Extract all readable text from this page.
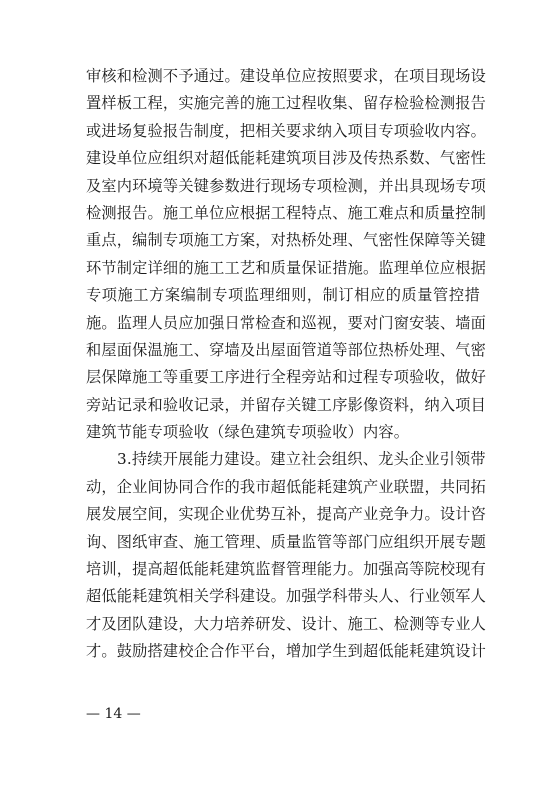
审核和检测不予通过。建设单位应按照要求，在项目现场设
置样板工程，实施完善的施工过程收集、留存检验检测报告
或进场复验报告制度，把相关要求纳入项目专项验收内容。
建设单位应组织对超低能耗建筑项目涉及传热系数、气密性
及室内环境等关键参数进行现场专项检测，并出具现场专项
检测报告。施工单位应根据工程特点、施工难点和质量控制
重点，编制专项施工方案，对热桥处理、气密性保障等关键
环节制定详细的施工工艺和质量保证措施。监理单位应根据
专项施工方案编制专项监理细则，制订相应的质量管控措
施。监理人员应加强日常检查和巡视，要对门窗安装、墙面
和屋面保温施工、穿墙及出屋面管道等部位热桥处理、气密
层保障施工等重要工序进行全程旁站和过程专项验收，做好
旁站记录和验收记录，并留存关键工序影像资料，纳入项目
建筑节能专项验收（绿色建筑专项验收）内容。
3.持续开展能力建设。建立社会组织、龙头企业引领带
动，企业间协同合作的我市超低能耗建筑产业联盟，共同拓
展发展空间，实现企业优势互补，提高产业竞争力。设计咨
询、图纸审查、施工管理、质量监管等部门应组织开展专题
培训，提高超低能耗建筑监督管理能力。加强高等院校现有
超低能耗建筑相关学科建设。加强学科带头人、行业领军人
才及团队建设，大力培养研发、设计、施工、检测等专业人
才。鼓励搭建校企合作平台，增加学生到超低能耗建筑设计
— 14 —
